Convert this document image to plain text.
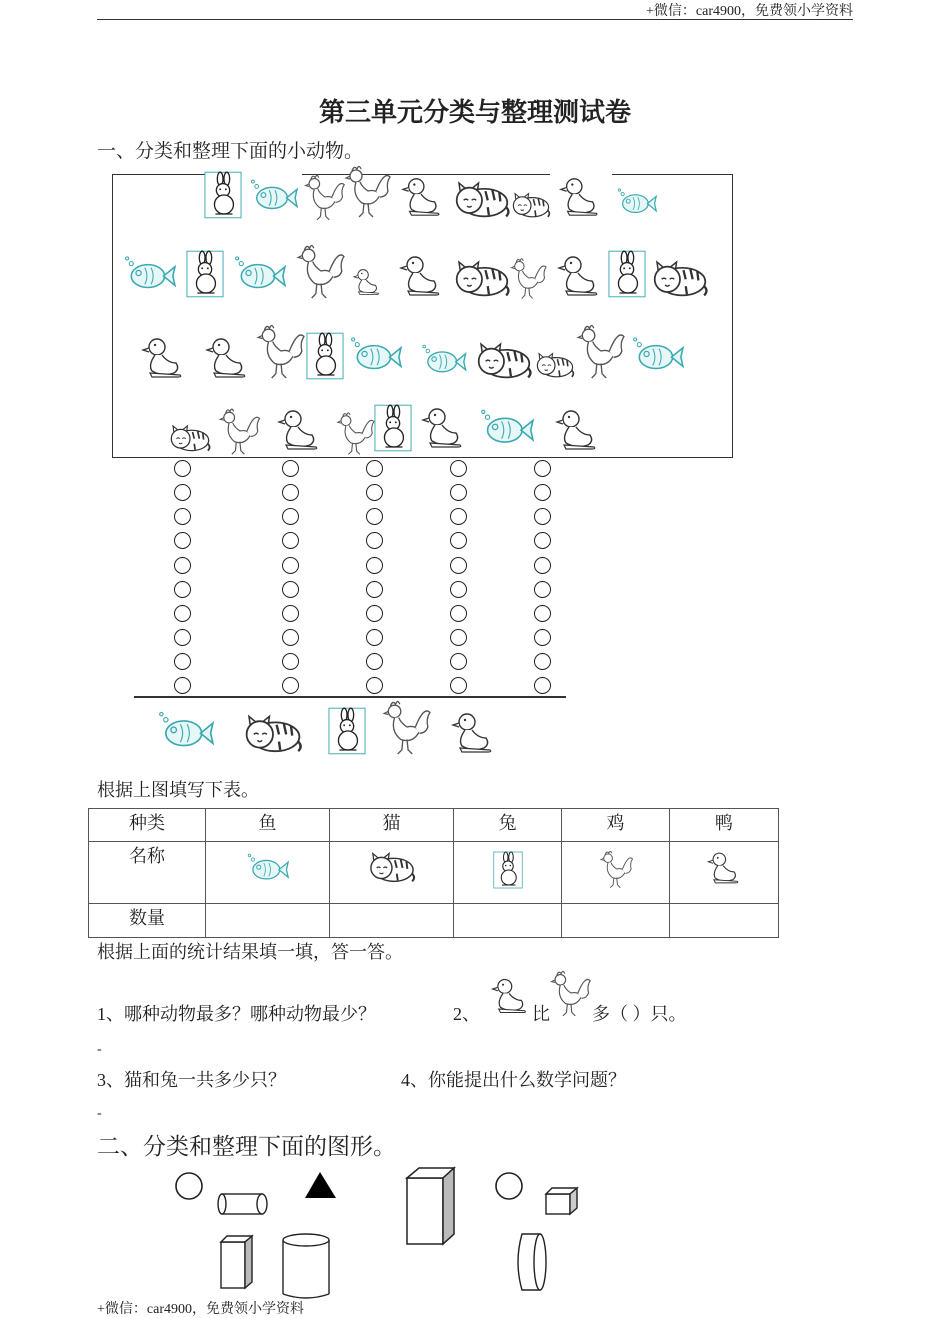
+微信：car4900，免费领小学资料
+微信：car4900，免费领小学资料
第三单元分类与整理测试卷
一、分类和整理下面的小动物。
根据上图填写下表。
种类	鱼	猫	兔	鸡	鸭
名称					
数量					
根据上面的统计结果填一填，答一答。
1、哪种动物最多？哪种动物最少？	2、	比 多（ ）只。
-
3、猫和兔一共多少只？	4、你能提出什么数学问题？
-
二、分类和整理下面的图形。
